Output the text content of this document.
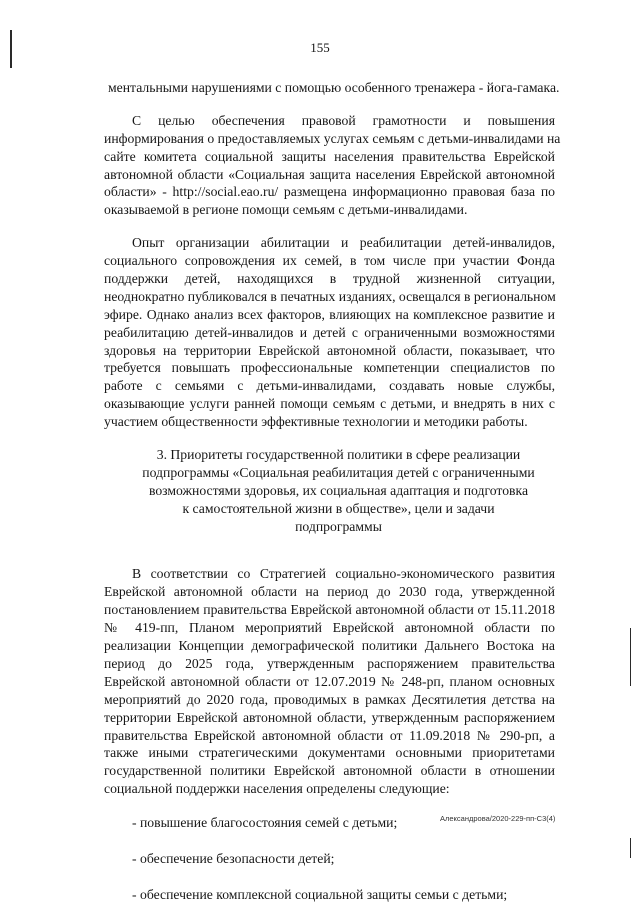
155
ментальными нарушениями с помощью особенного тренажера - йога-гамака.
С целью обеспечения правовой грамотности и повышения
информирования о предоставляемых услугах семьям с детьми-инвалидами на
сайте комитета социальной защиты населения правительства Еврейской
автономной области «Социальная защита населения Еврейской автономной
области» - http://social.eao.ru/ размещена информационно правовая база по
оказываемой в регионе помощи семьям с детьми-инвалидами.
Опыт организации абилитации и реабилитации детей-инвалидов,
социального сопровождения их семей, в том числе при участии Фонда
поддержки детей, находящихся в трудной жизненной ситуации,
неоднократно публиковался в печатных изданиях, освещался в региональном
эфире. Однако анализ всех факторов, влияющих на комплексное развитие и
реабилитацию детей-инвалидов и детей с ограниченными возможностями
здоровья на территории Еврейской автономной области, показывает, что
требуется повышать профессиональные компетенции специалистов по
работе с семьями с детьми-инвалидами, создавать новые службы,
оказывающие услуги ранней помощи семьям с детьми, и внедрять в них с
участием общественности эффективные технологии и методики работы.
3. Приоритеты государственной политики в сфере реализации
подпрограммы «Социальная реабилитация детей с ограниченными
возможностями здоровья, их социальная адаптация и подготовка
к самостоятельной жизни в обществе», цели и задачи
подпрограммы
В соответствии со Стратегией социально-экономического развития
Еврейской автономной области на период до 2030 года, утвержденной
постановлением правительства Еврейской автономной области от 15.11.2018
№ 419-пп, Планом мероприятий Еврейской автономной области по
реализации Концепции демографической политики Дальнего Востока на
период до 2025 года, утвержденным распоряжением правительства
Еврейской автономной области от 12.07.2019 № 248-рп, планом основных
мероприятий до 2020 года, проводимых в рамках Десятилетия детства на
территории Еврейской автономной области, утвержденным распоряжением
правительства Еврейской автономной области от 11.09.2018 № 290-рп, а
также иными стратегическими документами основными приоритетами
государственной политики Еврейской автономной области в отношении
социальной поддержки населения определены следующие:
- повышение благосостояния семей с детьми;
- обеспечение безопасности детей;
- обеспечение комплексной социальной защиты семьи с детьми;
Александрова/2020-229-пп-С3(4)
